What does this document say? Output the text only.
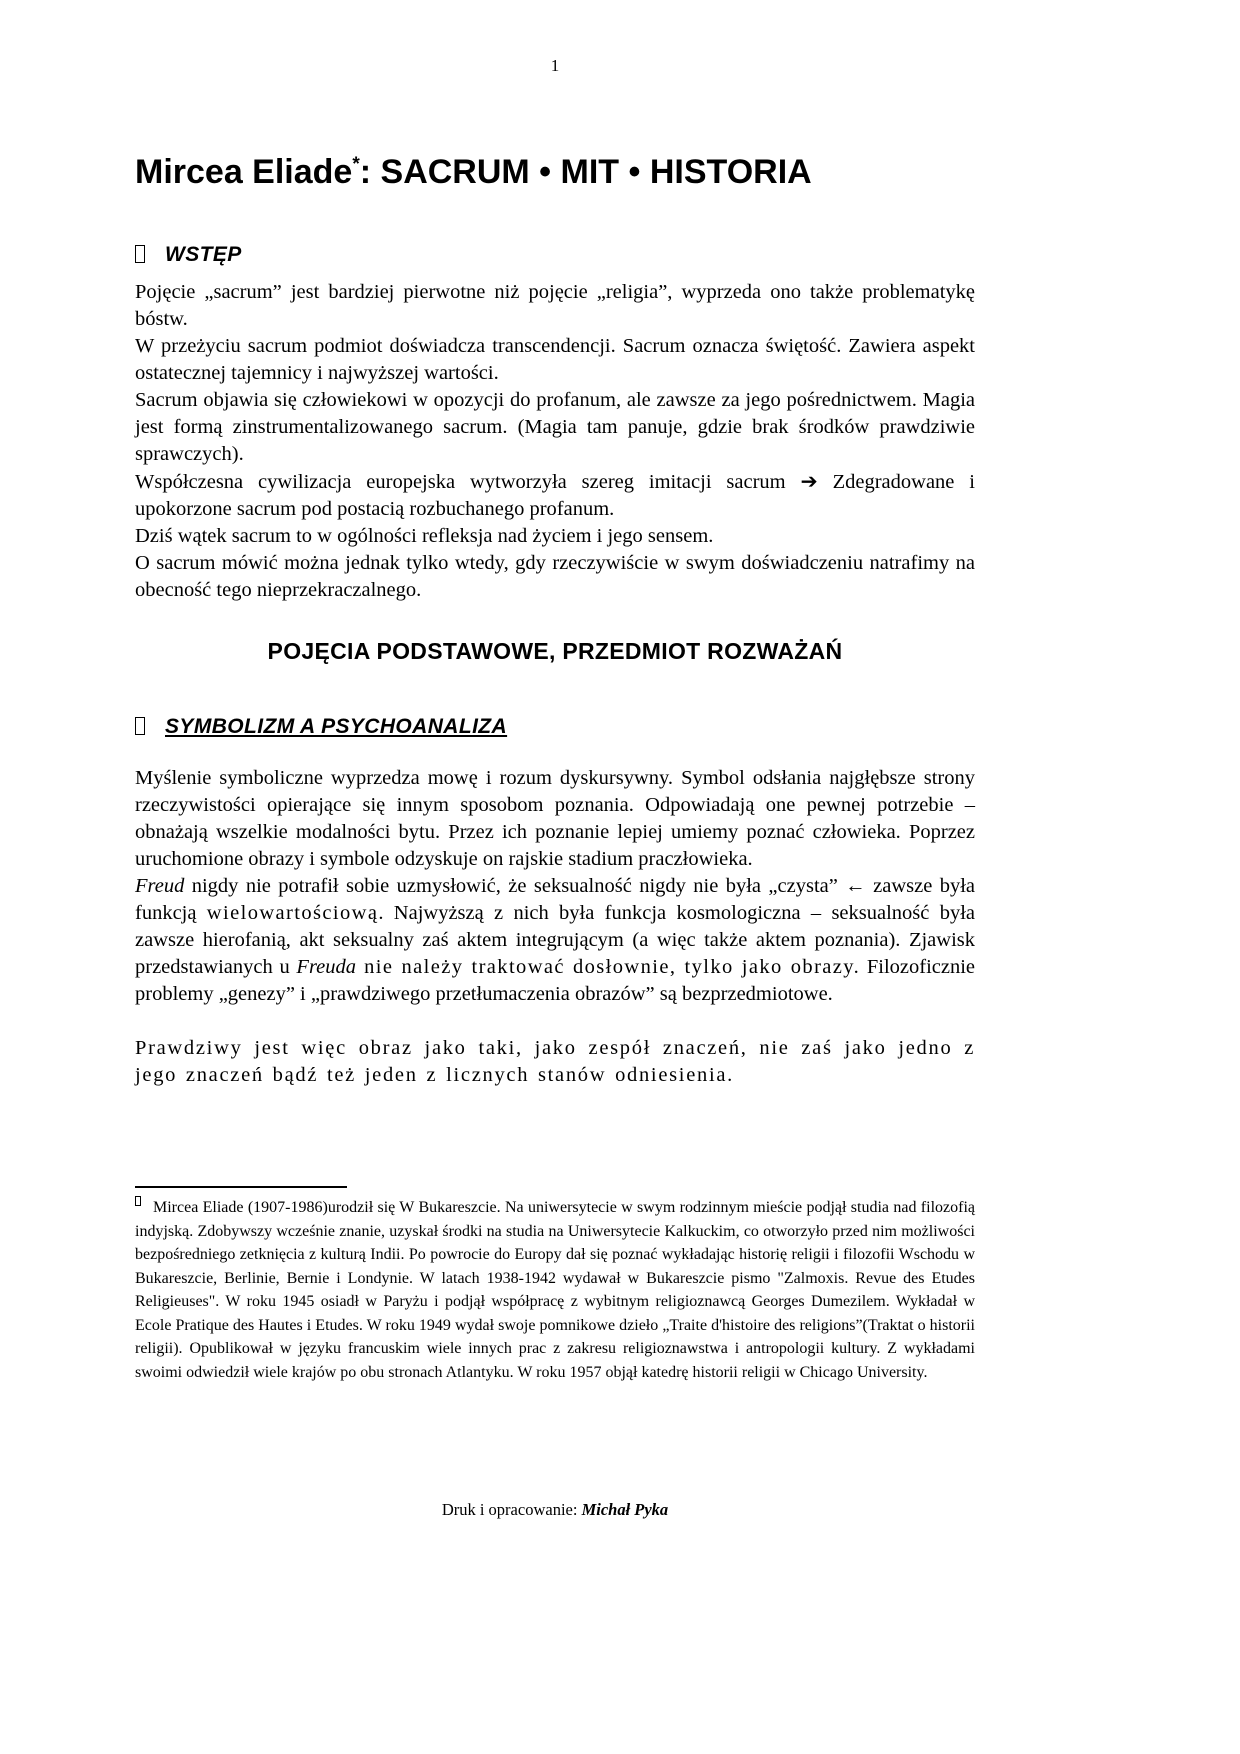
1
Mircea Eliade*: SACRUM • MIT • HISTORIA
WSTĘP

Pojęcie „sacrum” jest bardziej pierwotne niż pojęcie „religia”, wyprzeda ono także problematykę bóstw.

W przeżyciu sacrum podmiot doświadcza transcendencji. Sacrum oznacza świętość. Zawiera aspekt ostatecznej tajemnicy i najwyższej wartości.

Sacrum objawia się człowiekowi w opozycji do profanum, ale zawsze za jego pośrednictwem. Magia jest formą zinstrumentalizowanego sacrum. (Magia tam panuje, gdzie brak środków prawdziwie sprawczych).

Współczesna cywilizacja europejska wytworzyła szereg imitacji sacrum ➔ Zdegradowane i upokorzone sacrum pod postacią rozbuchanego profanum.

Dziś wątek sacrum to w ogólności refleksja nad życiem i jego sensem.

O sacrum mówić można jednak tylko wtedy, gdy rzeczywiście w swym doświadczeniu natrafimy na obecność tego nieprzekraczalnego.

POJĘCIA PODSTAWOWE, PRZEDMIOT ROZWAŻAŃ
SYMBOLIZM A PSYCHOANALIZA

Myślenie symboliczne wyprzedza mowę i rozum dyskursywny. Symbol odsłania najgłębsze strony rzeczywistości opierające się innym sposobom poznania. Odpowiadają one pewnej potrzebie – obnażają wszelkie modalności bytu. Przez ich poznanie lepiej umiemy poznać człowieka. Poprzez uruchomione obrazy i symbole odzyskuje on rajskie stadium praczłowieka.

Freud nigdy nie potrafił sobie uzmysłowić, że seksualność nigdy nie była „czysta” ← zawsze była funkcją wielowartościową. Najwyższą z nich była funkcja kosmologiczna – seksualność była zawsze hierofanią, akt seksualny zaś aktem integrującym (a więc także aktem poznania). Zjawisk przedstawianych u Freuda nie należy traktować dosłownie, tylko jako obrazy. Filozoficznie problemy „genezy” i „prawdziwego przetłumaczenia obrazów” są bezprzedmiotowe.

Prawdziwy jest więc obraz jako taki, jako zespół znaczeń, nie zaś jako jedno z jego znaczeń bądź też jeden z licznych stanów odniesienia.

Mircea Eliade (1907-1986)urodził się W Bukareszcie. Na uniwersytecie w swym rodzinnym mieście podjął studia nad filozofią indyjską. Zdobywszy wcześnie znanie, uzyskał środki na studia na Uniwersytecie Kalkuckim, co otworzyło przed nim możliwości bezpośredniego zetknięcia z kulturą Indii. Po powrocie do Europy dał się poznać wykładając historię religii i filozofii Wschodu w Bukareszcie, Berlinie, Bernie i Londynie. W latach 1938-1942 wydawał w Bukareszcie pismo "Zalmoxis. Revue des Etudes Religieuses". W roku 1945 osiadł w Paryżu i podjął współpracę z wybitnym religioznawcą Georges Dumezilem. Wykładał w Ecole Pratique des Hautes i Etudes. W roku 1949 wydał swoje pomnikowe dzieło „Traite d'histoire des religions”(Traktat o historii religii). Opublikował w języku francuskim wiele innych prac z zakresu religioznawstwa i antropologii kultury. Z wykładami swoimi odwiedził wiele krajów po obu stronach Atlantyku. W roku 1957 objął katedrę historii religii w Chicago University.

Druk i opracowanie: Michał Pyka
